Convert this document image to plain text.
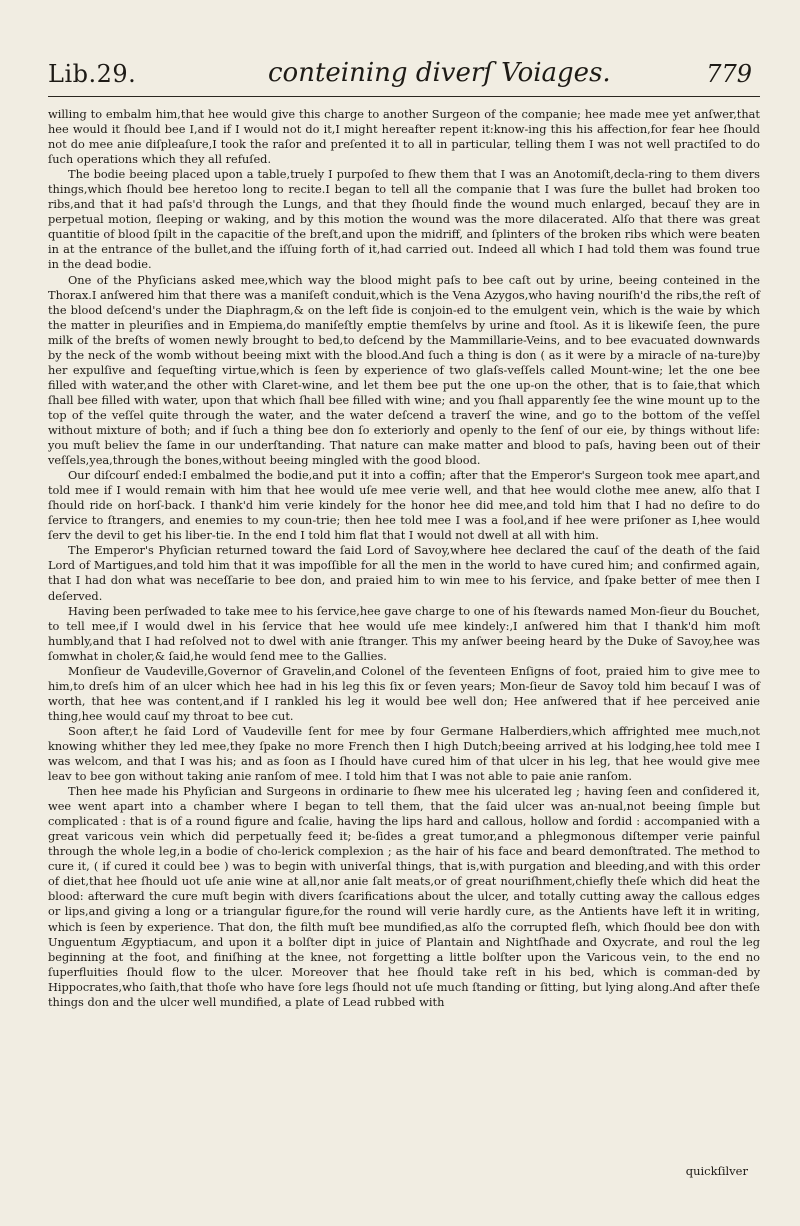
Lib.29.	conteining diverſ Voiages.	779

willing to embalm him,that hee would give this charge to another Surgeon of the companie; hee made mee yet anſwer,that hee would it ſhould bee I,and if I would not do it,I might hereafter repent it:know-ing this his affection,for fear hee ſhould not do mee anie diſpleaſure,I took the raſor and preſented it to all in particular, telling them I was not well practiſed to do ſuch operations which they all refuſed.

The bodie beeing placed upon a table,truely I purpoſed to ſhew them that I was an Anotomiſt,decla-ring to them divers things,which ſhould bee heretoo long to recite.I began to tell all the companie that I was ſure the bullet had broken too ribs,and that it had paſs'd through the Lungs, and that they ſhould finde the wound much enlarged, becauſ they are in perpetual motion, ſleeping or waking, and by this motion the wound was the more dilacerated. Alſo that there was great quantitie of blood ſpilt in the capacitie of the breſt,and upon the midriff, and ſplinters of the broken ribs which were beaten in at the entrance of the bullet,and the iſſuing forth of it,had carried out. Indeed all which I had told them was found true in the dead bodie.

One of the Phyſicians asked mee,which way the blood might paſs to bee caſt out by urine, beeing conteined in the Thorax.I anſwered him that there was a maniſeſt conduit,which is the Vena Azygos,who having nouriſh'd the ribs,the reſt of the blood deſcend's under the Diaphragm,& on the left ſide is conjoin-ed to the emulgent vein, which is the waie by which the matter in pleuriſies and in Empiema,do maniſeſtly emptie themſelvs by urine and ſtool. As it is likewiſe ſeen, the pure milk of the breſts of women newly brought to bed,to deſcend by the Mammillarie-Veins, and to bee evacuated downwards by the neck of the womb without beeing mixt with the blood.And ſuch a thing is don ( as it were by a miracle of na-ture)by her expulſive and ſequeſting virtue,which is ſeen by experience of two glaſs-veſſels called Mount-wine; let the one bee filled with water,and the other with Claret-wine, and let them bee put the one up-on the other, that is to ſaie,that which ſhall bee filled with water, upon that which ſhall bee filled with wine; and you ſhall apparently ſee the wine mount up to the top of the veſſel quite through the water, and the water deſcend a traverſ the wine, and go to the bottom of the veſſel without mixture of both; and if ſuch a thing bee don ſo exteriorly and openly to the ſenſ of our eie, by things without life: you muſt believ the ſame in our underſtanding. That nature can make matter and blood to paſs, having been out of their veſſels,yea,through the bones,without beeing mingled with the good blood.

Our diſcourſ ended:I embalmed the bodie,and put it into a coffin; after that the Emperor's Surgeon took mee apart,and told mee if I would remain with him that hee would uſe mee verie well, and that hee would clothe mee anew, alſo that I ſhould ride on horſ-back. I thank'd him verie kindely for the honor hee did mee,and told him that I had no deſire to do ſervice to ſtrangers, and enemies to my coun-trie; then hee told mee I was a fool,and if hee were priſoner as I,hee would ſerv the devil to get his liber-tie. In the end I told him flat that I would not dwell at all with him.

The Emperor's Phyſician returned toward the ſaid Lord of Savoy,where hee declared the cauſ of the death of the ſaid Lord of Martigues,and told him that it was impoſſible for all the men in the world to have cured him; and confirmed again, that I had don what was neceſſarie to bee don, and praied him to win mee to his ſervice, and ſpake better of mee then I deſerved.

Having been perſwaded to take mee to his ſervice,hee gave charge to one of his ſtewards named Mon-ſieur du Bouchet, to tell mee,if I would dwel in his ſervice that hee would uſe mee kindely:,I anſwered him that I thank'd him moſt humbly,and that I had reſolved not to dwel with anie ſtranger. This my anſwer beeing heard by the Duke of Savoy,hee was ſomwhat in choler,& ſaid,he would ſend mee to the Gallies.

Monſieur de Vaudeville,Governor of Gravelin,and Colonel of the ſeventeen Enſigns of foot, praied him to give mee to him,to dreſs him of an ulcer which hee had in his leg this ſix or ſeven years; Mon-ſieur de Savoy told him becauſ I was of worth, that hee was content,and if I rankled his leg it would bee well don; Hee anſwered that if hee perceived anie thing,hee would cauſ my throat to bee cut.

Soon after,t he ſaid Lord of Vaudeville ſent for mee by four Germane Halberdiers,which affrighted mee much,not knowing whither they led mee,they ſpake no more French then I high Dutch;beeing arrived at his lodging,hee told mee I was welcom, and that I was his; and as ſoon as I ſhould have cured him of that ulcer in his leg, that hee would give mee leav to bee gon without taking anie ranſom of mee. I told him that I was not able to paie anie ranſom.

Then hee made his Phyſician and Surgeons in ordinarie to ſhew mee his ulcerated leg ; having ſeen and conſidered it, wee went apart into a chamber where I began to tell them, that the ſaid ulcer was an-nual,not beeing ſimple but complicated : that is of a round figure and ſcalie, having the lips hard and callous, hollow and ſordid : accompanied with a great varicous vein which did perpetually feed it; be-ſides a great tumor,and a phlegmonous diſtemper verie painful through the whole leg,in a bodie of cho-lerick complexion ; as the hair of his face and beard demonſtrated. The method to cure it, ( if cured it could bee ) was to begin with univerſal things, that is,with purgation and bleeding,and with this order of diet,that hee ſhould uot uſe anie wine at all,nor anie ſalt meats,or of great nouriſhment,chiefly theſe which did heat the blood: afterward the cure muſt begin with divers ſcarifications about the ulcer, and totally cutting away the callous edges or lips,and giving a long or a triangular figure,for the round will verie hardly cure, as the Antients have left it in writing, which is ſeen by experience. That don, the filth muſt bee mundified,as alſo the corrupted fleſh, which ſhould bee don with Unguentum Ægyptiacum, and upon it a bolſter dipt in juice of Plantain and Nightſhade and Oxycrate, and roul the leg beginning at the foot, and finiſhing at the knee, not forgetting a little bolſter upon the Varicous vein, to the end no ſuperfluities ſhould flow to the ulcer. Moreover that hee ſhould take reſt in his bed, which is comman-ded by Hippocrates,who ſaith,that thoſe who have ſore legs ſhould not uſe much ſtanding or ſitting, but lying along.And after theſe things don and the ulcer well mundified, a plate of Lead rubbed with

quickſilver
